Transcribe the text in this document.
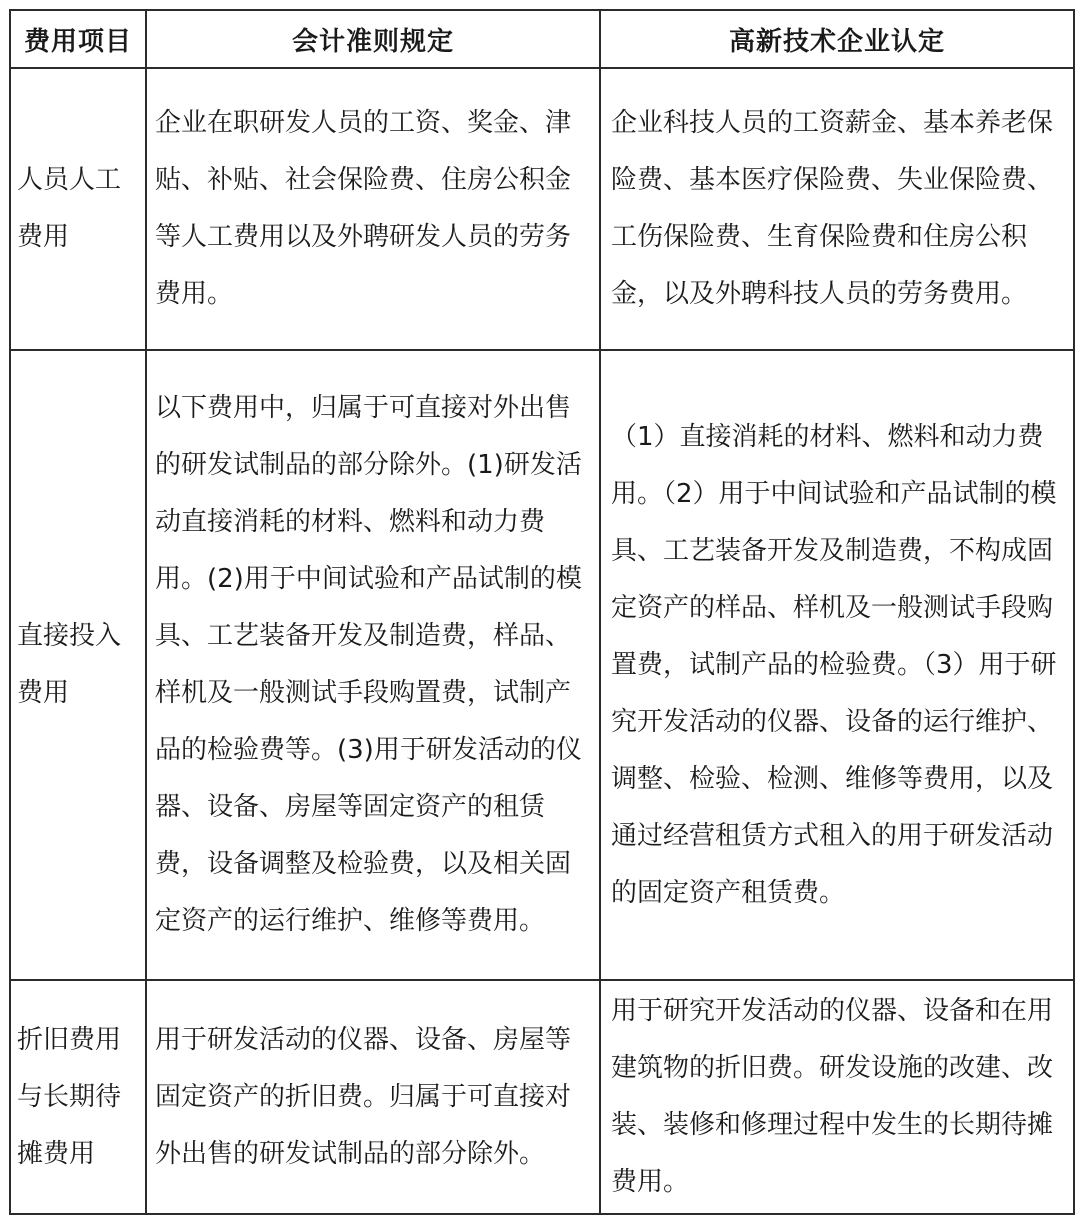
费用项目	会计准则规定	高新技术企业认定

人员人工费用	企业在职研发人员的工资、奖金、津贴、补贴、社会保险费、住房公积金等人工费用以及外聘研发人员的劳务费用。	企业科技人员的工资薪金、基本养老保险费、基本医疗保险费、失业保险费、工伤保险费、生育保险费和住房公积金，以及外聘科技人员的劳务费用。

直接投入费用	以下费用中，归属于可直接对外出售的研发试制品的部分除外。(1)研发活动直接消耗的材料、燃料和动力费用。(2)用于中间试验和产品试制的模具、工艺装备开发及制造费，样品、样机及一般测试手段购置费，试制产品的检验费等。(3)用于研发活动的仪器、设备、房屋等固定资产的租赁费，设备调整及检验费，以及相关固定资产的运行维护、维修等费用。	（1）直接消耗的材料、燃料和动力费用。（2）用于中间试验和产品试制的模具、工艺装备开发及制造费，不构成固定资产的样品、样机及一般测试手段购置费，试制产品的检验费。（3）用于研究开发活动的仪器、设备的运行维护、调整、检验、检测、维修等费用，以及通过经营租赁方式租入的用于研发活动的固定资产租赁费。

折旧费用与长期待摊费用	用于研发活动的仪器、设备、房屋等固定资产的折旧费。归属于可直接对外出售的研发试制品的部分除外。	用于研究开发活动的仪器、设备和在用建筑物的折旧费。研发设施的改建、改装、装修和修理过程中发生的长期待摊费用。
